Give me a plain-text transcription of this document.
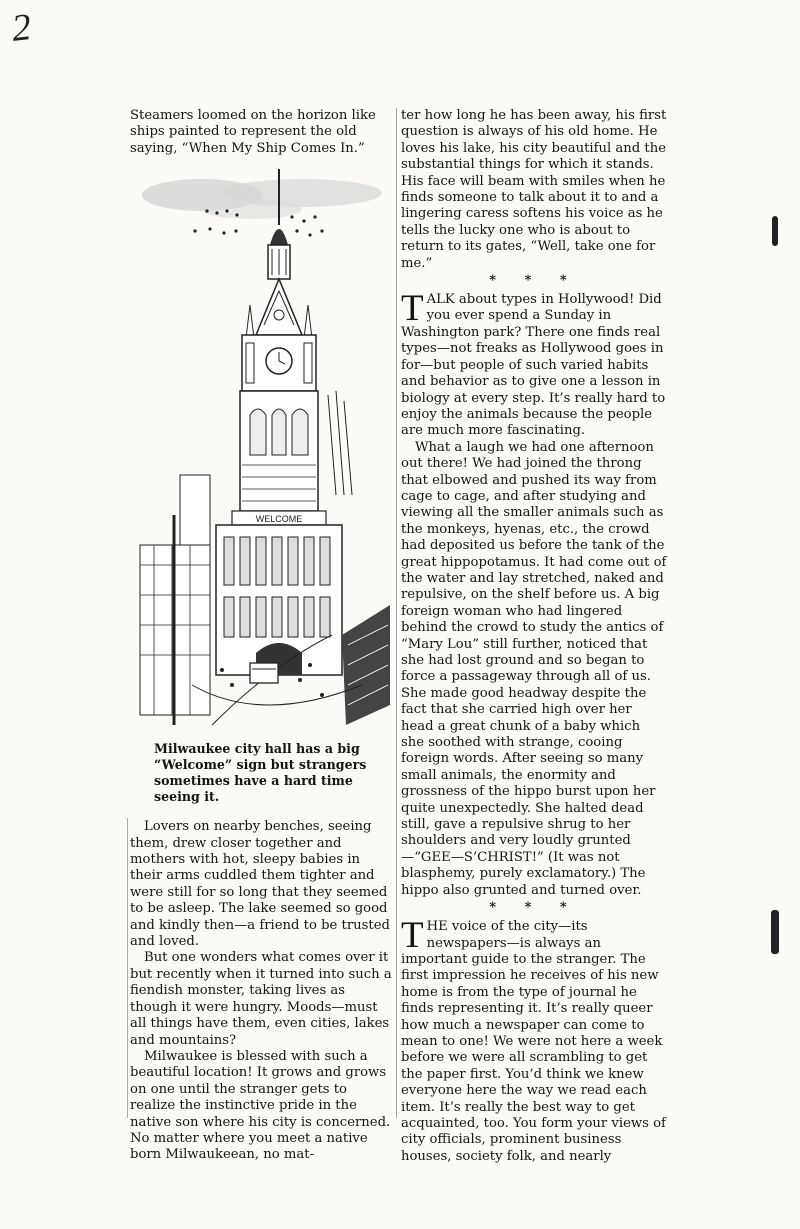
2

Steamers loomed on the horizon like ships painted to represent the old saying, “When My Ship Comes In.”

WELCOME

Milwaukee city hall has a big “Welcome” sign but strangers sometimes have a hard time seeing it.

Lovers on nearby benches, seeing them, drew closer together and mothers with hot, sleepy babies in their arms cuddled them tighter and were still for so long that they seemed to be asleep. The lake seemed so good and kindly then—a friend to be trusted and loved.

But one wonders what comes over it but recently when it turned into such a fiendish monster, taking lives as though it were hungry. Moods—must all things have them, even cities, lakes and mountains?

Milwaukee is blessed with such a beautiful location! It grows and grows on one until the stranger gets to realize the instinctive pride in the native son where his city is concerned. No matter where you meet a native born Milwaukeean, no mat-

ter how long he has been away, his first question is always of his old home. He loves his lake, his city beautiful and the substantial things for which it stands. His face will beam with smiles when he finds someone to talk about it to and a lingering caress softens his voice as he tells the lucky one who is about to return to its gates, “Well, take one for me.”

* * *

TALK about types in Hollywood! Did you ever spend a Sunday in Washington park? There one finds real types—not freaks as Hollywood goes in for—but people of such varied habits and behavior as to give one a lesson in biology at every step. It’s really hard to enjoy the animals because the people are much more fascinating.

What a laugh we had one afternoon out there! We had joined the throng that elbowed and pushed its way from cage to cage, and after studying and viewing all the smaller animals such as the monkeys, hyenas, etc., the crowd had deposited us before the tank of the great hippopotamus. It had come out of the water and lay stretched, naked and repulsive, on the shelf before us. A big foreign woman who had lingered behind the crowd to study the antics of “Mary Lou” still further, noticed that she had lost ground and so began to force a passageway through all of us. She made good headway despite the fact that she carried high over her head a great chunk of a baby which she soothed with strange, cooing foreign words. After seeing so many small animals, the enormity and grossness of the hippo burst upon her quite unexpectedly. She halted dead still, gave a repulsive shrug to her shoulders and very loudly grunted—“GEE—S’CHRIST!” (It was not blasphemy, purely exclamatory.) The hippo also grunted and turned over.

* * *

THE voice of the city—its newspapers—is always an important guide to the stranger. The first impression he receives of his new home is from the type of journal he finds representing it. It’s really queer how much a newspaper can come to mean to one! We were not here a week before we were all scrambling to get the paper first. You’d think we knew everyone here the way we read each item. It’s really the best way to get acquainted, too. You form your views of city officials, prominent business houses, society folk, and nearly
